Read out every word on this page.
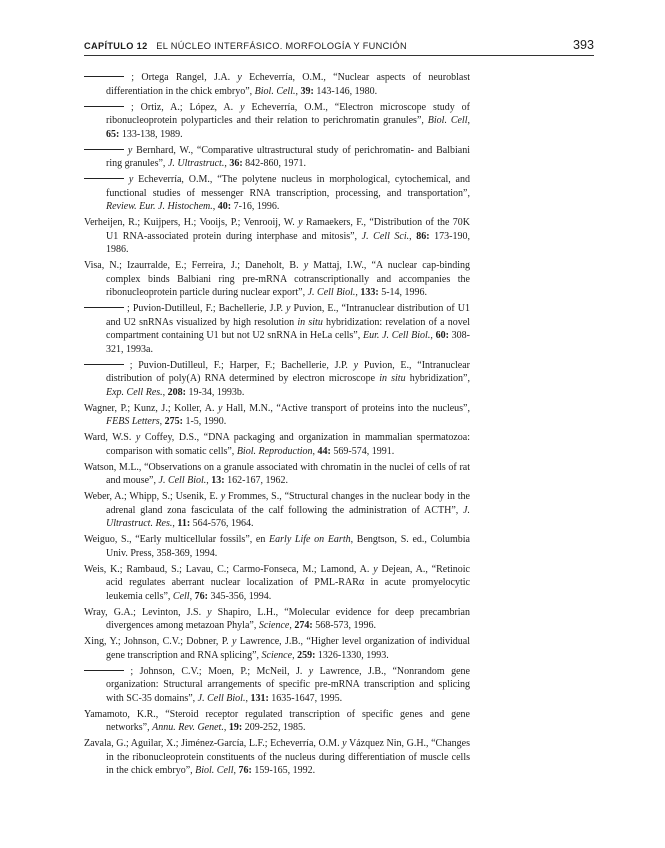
CAPÍTULO 12 EL NÚCLEO INTERFÁSICO. MORFOLOGÍA Y FUNCIÓN	393

; Ortega Rangel, J.A. y Echeverría, O.M., “Nuclear aspects of neuroblast differentiation in the chick embryo”, Biol. Cell., 39: 143-146, 1980.

; Ortiz, A.; López, A. y Echeverría, O.M., “Electron microscope study of ribonucleoprotein polyparticles and their relation to perichromatin granules”, Biol. Cell, 65: 133-138, 1989.

y Bernhard, W., “Comparative ultrastructural study of perichromatin- and Balbiani ring granules”, J. Ultrastruct., 36: 842-860, 1971.

y Echeverría, O.M., “The polytene nucleus in morphological, cytochemical, and functional studies of messenger RNA transcription, processing, and transportation”, Review. Eur. J. Histochem., 40: 7-16, 1996.

Verheijen, R.; Kuijpers, H.; Vooijs, P.; Venrooij, W. y Ramaekers, F., “Distribution of the 70K U1 RNA-associated protein during interphase and mitosis”, J. Cell Sci., 86: 173-190, 1986.

Visa, N.; Izaurralde, E.; Ferreira, J.; Daneholt, B. y Mattaj, I.W., “A nuclear cap-binding complex binds Balbiani ring pre-mRNA cotranscriptionally and accompanies the ribonucleoprotein particle during nuclear export”, J. Cell Biol., 133: 5-14, 1996.

; Puvion-Dutilleul, F.; Bachellerie, J.P. y Puvion, E., “Intranuclear distribution of U1 and U2 snRNAs visualized by high resolution in situ hybridization: revelation of a novel compartment containing U1 but not U2 snRNA in HeLa cells”, Eur. J. Cell Biol., 60: 308-321, 1993a.

; Puvion-Dutilleul, F.; Harper, F.; Bachellerie, J.P. y Puvion, E., “Intranuclear distribution of poly(A) RNA determined by electron microscope in situ hybridization”, Exp. Cell Res., 208: 19-34, 1993b.

Wagner, P.; Kunz, J.; Koller, A. y Hall, M.N., “Active transport of proteins into the nucleus”, FEBS Letters, 275: 1-5, 1990.

Ward, W.S. y Coffey, D.S., “DNA packaging and organization in mammalian spermatozoa: comparison with somatic cells”, Biol. Reproduction, 44: 569-574, 1991.

Watson, M.L., “Observations on a granule associated with chromatin in the nuclei of cells of rat and mouse”, J. Cell Biol., 13: 162-167, 1962.

Weber, A.; Whipp, S.; Usenik, E. y Frommes, S., “Structural changes in the nuclear body in the adrenal gland zona fasciculata of the calf following the administration of ACTH”, J. Ultrastruct. Res., 11: 564-576, 1964.

Weiguo, S., “Early multicellular fossils”, en Early Life on Earth, Bengtson, S. ed., Columbia Univ. Press, 358-369, 1994.

Weis, K.; Rambaud, S.; Lavau, C.; Carmo-Fonseca, M.; Lamond, A. y Dejean, A., “Retinoic acid regulates aberrant nuclear localization of PML-RARα in acute promyelocytic leukemia cells”, Cell, 76: 345-356, 1994.

Wray, G.A.; Levinton, J.S. y Shapiro, L.H., “Molecular evidence for deep precambrian divergences among metazoan Phyla”, Science, 274: 568-573, 1996.

Xing, Y.; Johnson, C.V.; Dobner, P. y Lawrence, J.B., “Higher level organization of individual gene transcription and RNA splicing”, Science, 259: 1326-1330, 1993.

; Johnson, C.V.; Moen, P.; McNeil, J. y Lawrence, J.B., “Nonrandom gene organization: Structural arrangements of specific pre-mRNA transcription and splicing with SC-35 domains”, J. Cell Biol., 131: 1635-1647, 1995.

Yamamoto, K.R., “Steroid receptor regulated transcription of specific genes and gene networks”, Annu. Rev. Genet., 19: 209-252, 1985.

Zavala, G.; Aguilar, X.; Jiménez-García, L.F.; Echeverría, O.M. y Vázquez Nin, G.H., “Changes in the ribonucleoprotein constituents of the nucleus during differentiation of muscle cells in the chick embryo”, Biol. Cell, 76: 159-165, 1992.
